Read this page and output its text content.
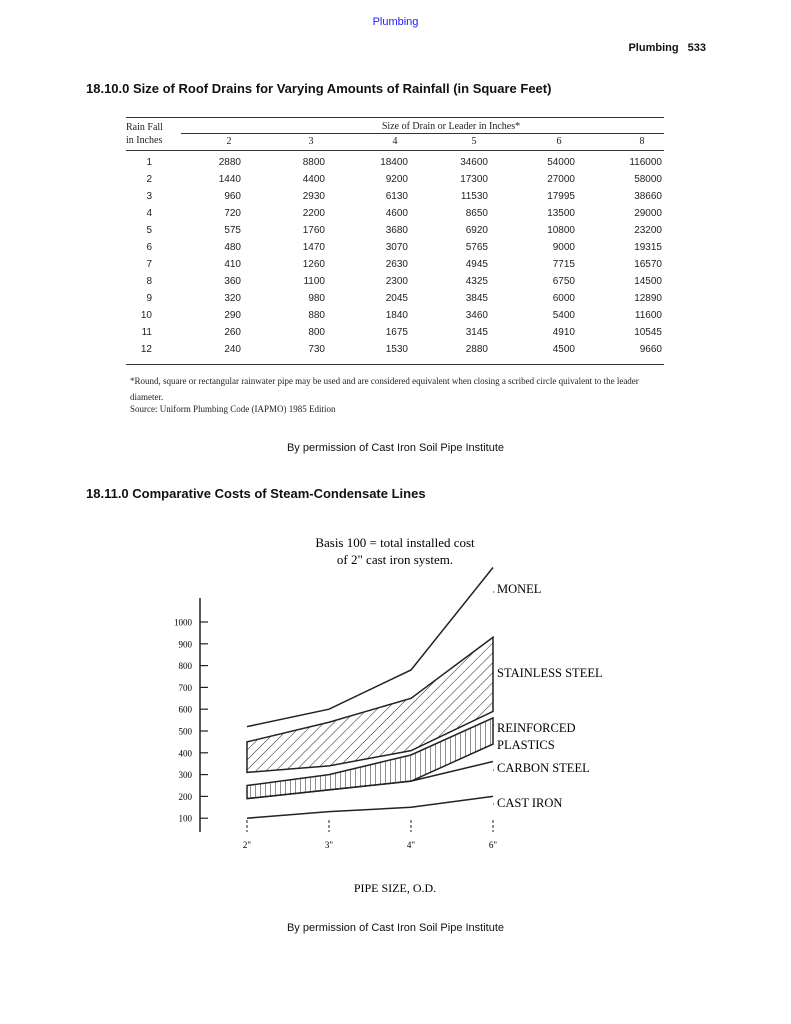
Plumbing
Plumbing 533
18.10.0 Size of Roof Drains for Varying Amounts of Rainfall (in Square Feet)
Rain Fall
in Inches
Size of Drain or Leader in Inches*
2	3	4	5	6	8
1	2880	8800	18400	34600	54000	116000
2	1440	4400	9200	17300	27000	58000
3	960	2930	6130	11530	17995	38660
4	720	2200	4600	8650	13500	29000
5	575	1760	3680	6920	10800	23200
6	480	1470	3070	5765	9000	19315
7	410	1260	2630	4945	7715	16570
8	360	1100	2300	4325	6750	14500
9	320	980	2045	3845	6000	12890
10	290	880	1840	3460	5400	11600
11	260	800	1675	3145	4910	10545
12	240	730	1530	2880	4500	9660
*Round, square or rectangular rainwater pipe may be used and are considered equivalent when closing a scribed circle quivalent to the leader diameter.
Source: Uniform Plumbing Code (IAPMO) 1985 Edition
By permission of Cast Iron Soil Pipe Institute
18.11.0 Comparative Costs of Steam-Condensate Lines
Basis 100 = total installed cost
of 2" cast iron system.
2"	3"	4"	6"
100
200
300
400
500
600
700
800
900
1000
MONEL
STAINLESS STEEL
REINFORCED
PLASTICS
CARBON STEEL
CAST IRON
PIPE SIZE, O.D.
By permission of Cast Iron Soil Pipe Institute
